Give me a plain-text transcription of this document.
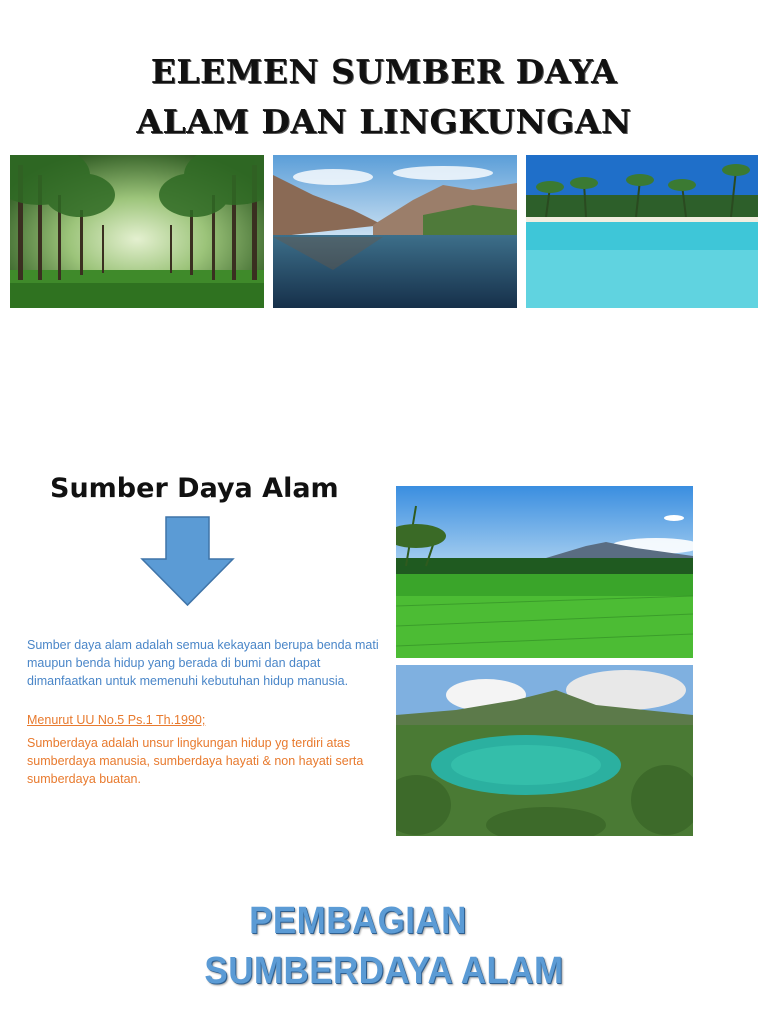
ELEMEN SUMBER DAYA
ALAM DAN LINGKUNGAN
Sumber Daya Alam
Sumber daya alam adalah semua kekayaan berupa benda mati maupun benda hidup yang berada di bumi dan dapat dimanfaatkan untuk memenuhi kebutuhan hidup manusia.
Menurut UU No.5 Ps.1 Th.1990;
Sumberdaya adalah unsur lingkungan hidup yg terdiri atas sumberdaya manusia, sumberdaya hayati & non hayati serta sumberdaya buatan.
PEMBAGIAN
SUMBERDAYA ALAM
